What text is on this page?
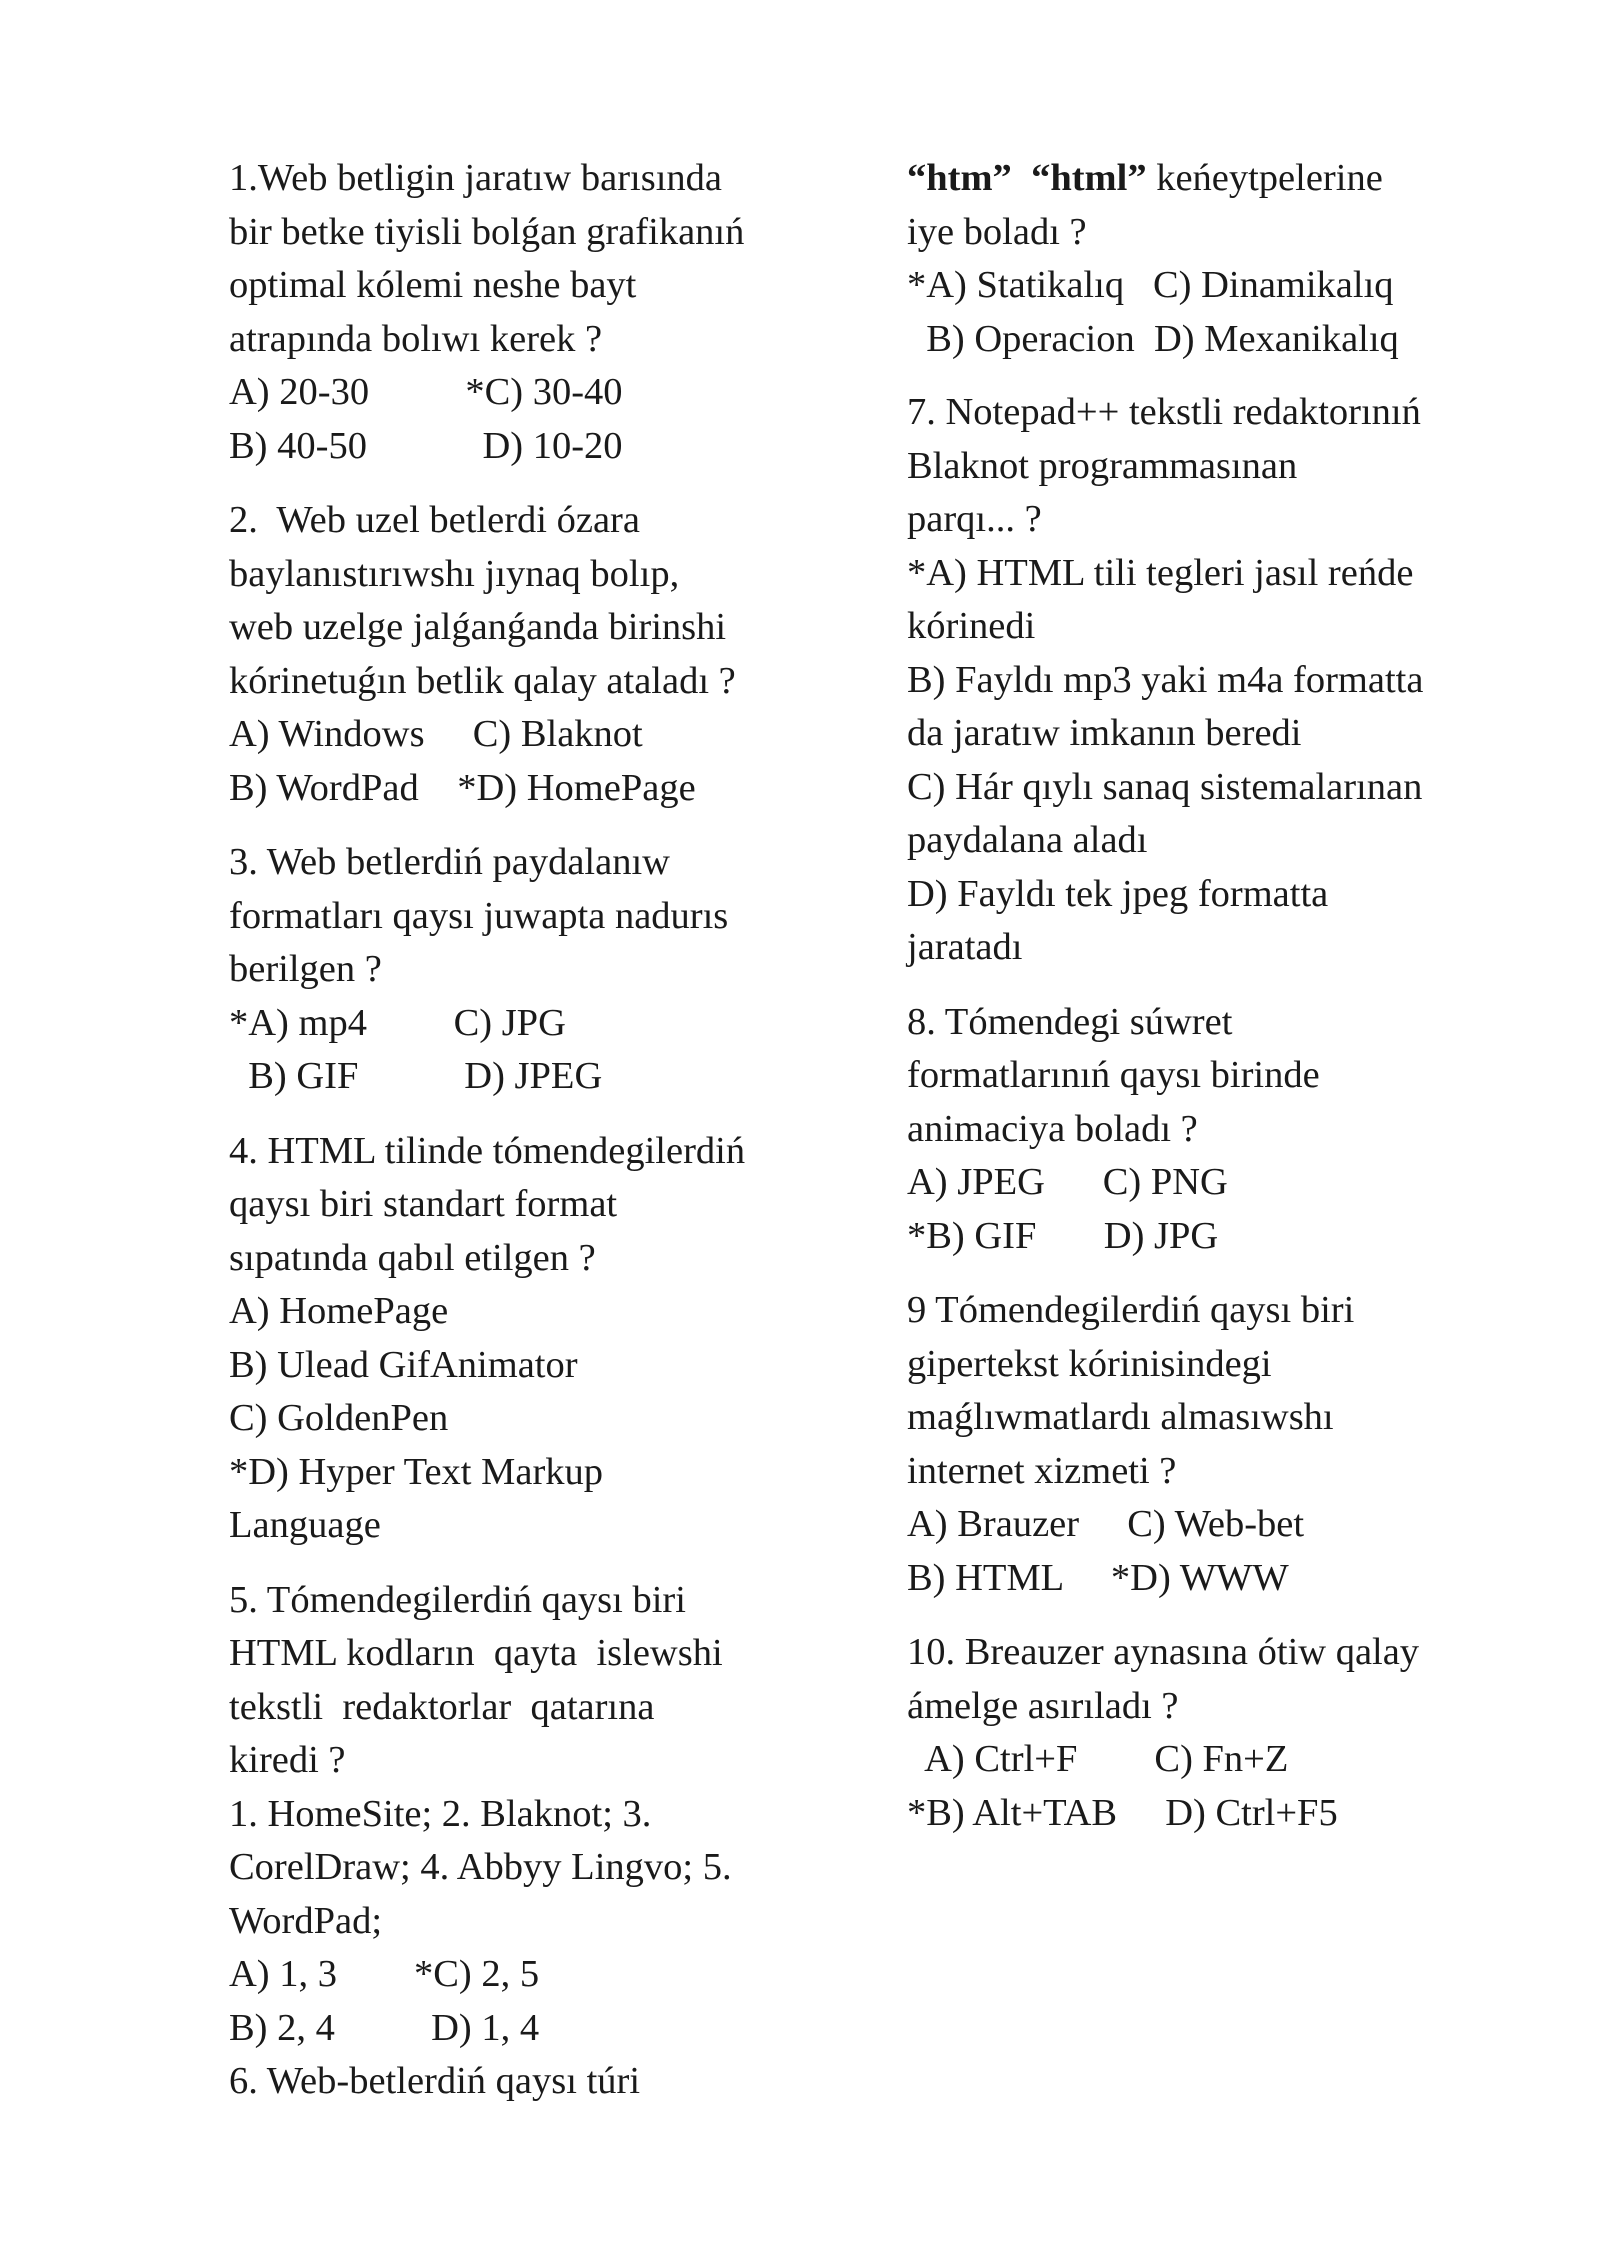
1.Web betligin jaratıw barısında
bir betke tiyisli bolǵan grafikanıń
optimal kólemi neshe bayt
atrapında bolıwı kerek ?
A) 20-30          *C) 30-40
B) 40-50            D) 10-20
2.  Web uzel betlerdi ózara
baylanıstırıwshı jıynaq bolıp,
web uzelge jalǵanǵanda birinshi
kórinetuǵın betlik qalay ataladı ?
A) Windows     C) Blaknot
B) WordPad    *D) HomePage
3. Web betlerdiń paydalanıw
formatları qaysı juwapta nadurıs
berilgen ?
*A) mp4         C) JPG
B) GIF           D) JPEG
4. HTML tilinde tómendegilerdiń
qaysı biri standart format
sıpatında qabıl etilgen ?
A) HomePage
B) Ulead GifAnimator
C) GoldenPen
*D) Hyper Text Markup
Language
5. Tómendegilerdiń qaysı biri
HTML kodların  qayta  islewshi
tekstli  redaktorlar  qatarına
kiredi ?
1. HomeSite; 2. Blaknot; 3.
CorelDraw; 4. Abbyy Lingvo; 5.
WordPad;
A) 1, 3        *C) 2, 5
B) 2, 4          D) 1, 4
6. Web-betlerdiń qaysı túri
“htm” “html” keńeytpelerine
iye boladı ?
*A) Statikalıq   C) Dinamikalıq
B) Operacion  D) Mexanikalıq
7. Notepad++ tekstli redaktorınıń
Blaknot programmasınan
parqı... ?
*A) HTML tili tegleri jasıl reńde
kórinedi
B) Fayldı mp3 yaki m4a formatta
da jaratıw imkanın beredi
C) Hár qıylı sanaq sistemalarınan
paydalana aladı
D) Fayldı tek jpeg formatta
jaratadı
8. Tómendegi súwret
formatlarınıń qaysı birinde
animaciya boladı ?
A) JPEG      C) PNG
*B) GIF       D) JPG
9 Tómendegilerdiń qaysı biri
gipertekst kórinisindegi
maǵlıwmatlardı almasıwshı
internet xizmeti ?
A) Brauzer     C) Web-bet
B) HTML     *D) WWW
10. Breauzer aynasına ótiw qalay
ámelge asırıladı ?
A) Ctrl+F        C) Fn+Z
*B) Alt+TAB     D) Ctrl+F5
